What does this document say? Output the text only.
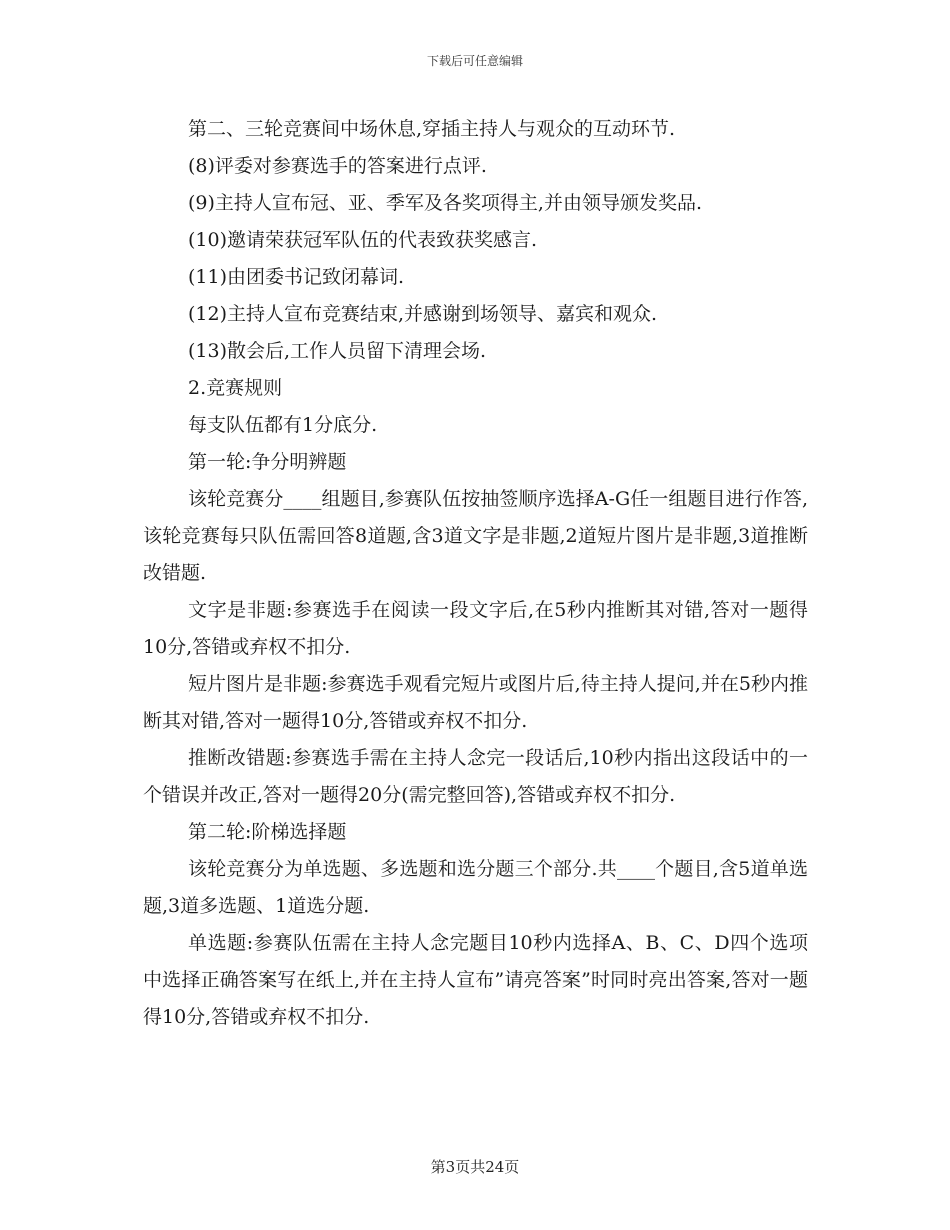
下载后可任意编辑

第二、三轮竞赛间中场休息,穿插主持人与观众的互动环节.

(8)评委对参赛选手的答案进行点评.

(9)主持人宣布冠、亚、季军及各奖项得主,并由领导颁发奖品.

(10)邀请荣获冠军队伍的代表致获奖感言.

(11)由团委书记致闭幕词.

(12)主持人宣布竞赛结束,并感谢到场领导、嘉宾和观众.

(13)散会后,工作人员留下清理会场.

2.竞赛规则

每支队伍都有1分底分.

第一轮:争分明辨题

该轮竞赛分____组题目,参赛队伍按抽签顺序选择A-G任一组题目进行作答,该轮竞赛每只队伍需回答8道题,含3道文字是非题,2道短片图片是非题,3道推断改错题.

文字是非题:参赛选手在阅读一段文字后,在5秒内推断其对错,答对一题得10分,答错或弃权不扣分.

短片图片是非题:参赛选手观看完短片或图片后,待主持人提问,并在5秒内推断其对错,答对一题得10分,答错或弃权不扣分.

推断改错题:参赛选手需在主持人念完一段话后,10秒内指出这段话中的一个错误并改正,答对一题得20分(需完整回答),答错或弃权不扣分.

第二轮:阶梯选择题

该轮竞赛分为单选题、多选题和选分题三个部分.共____个题目,含5道单选题,3道多选题、1道选分题.

单选题:参赛队伍需在主持人念完题目10秒内选择A、B、C、D四个选项中选择正确答案写在纸上,并在主持人宣布”请亮答案”时同时亮出答案,答对一题得10分,答错或弃权不扣分.

第3页共24页
